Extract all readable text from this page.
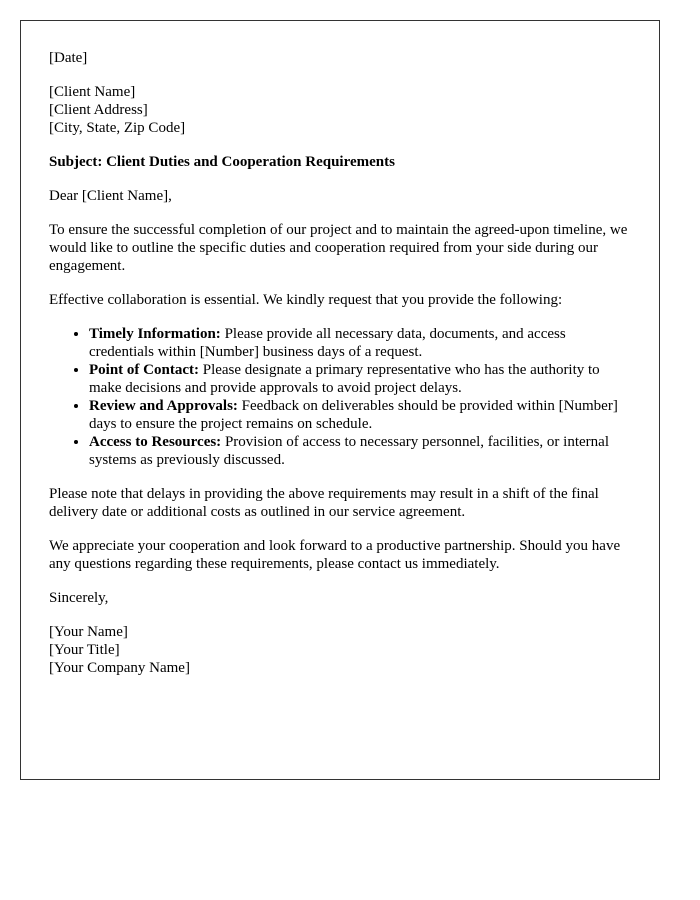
[Date]

[Client Name]
[Client Address]
[City, State, Zip Code]

Subject: Client Duties and Cooperation Requirements

Dear [Client Name],

To ensure the successful completion of our project and to maintain the agreed-upon timeline, we would like to outline the specific duties and cooperation required from your side during our engagement.

Effective collaboration is essential. We kindly request that you provide the following:

• Timely Information: Please provide all necessary data, documents, and access credentials within [Number] business days of a request.
• Point of Contact: Please designate a primary representative who has the authority to make decisions and provide approvals to avoid project delays.
• Review and Approvals: Feedback on deliverables should be provided within [Number] days to ensure the project remains on schedule.
• Access to Resources: Provision of access to necessary personnel, facilities, or internal systems as previously discussed.

Please note that delays in providing the above requirements may result in a shift of the final delivery date or additional costs as outlined in our service agreement.

We appreciate your cooperation and look forward to a productive partnership. Should you have any questions regarding these requirements, please contact us immediately.

Sincerely,

[Your Name]
[Your Title]
[Your Company Name]
